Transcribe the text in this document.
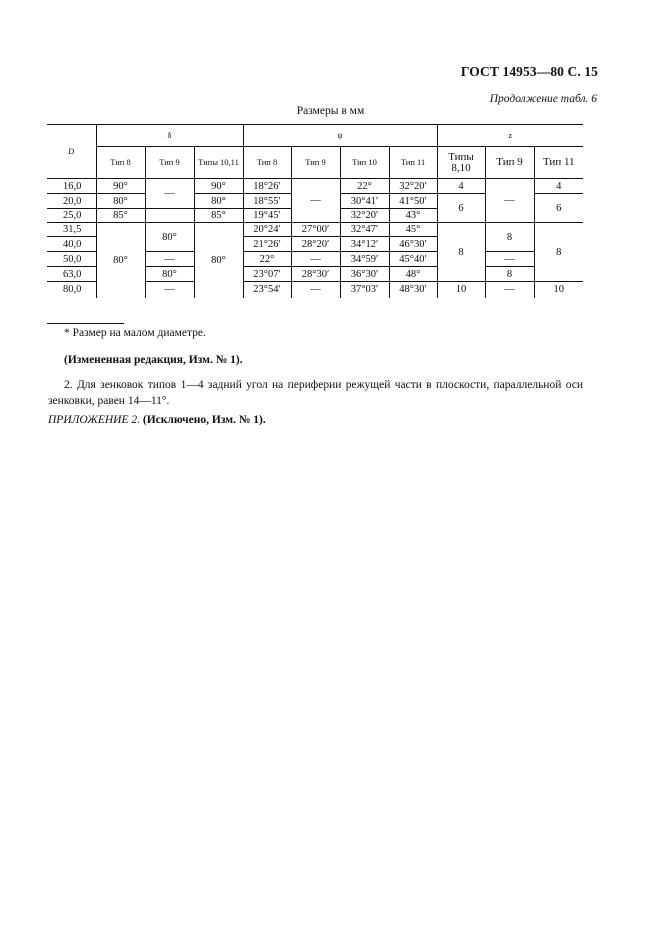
ГОСТ 14953—80 С. 15
Продолжение табл. 6
Размеры в мм
D	δ			ψ				z		
	Тип 8	Тип 9	Типы 10,11	Тип 8	Тип 9	Тип 10	Тип 11	Типы 8,10	Тип 9	Тип 11
16,0	90°	—	90°	18°26′	—	22°	32°20′	4	—	4
20,0	80°		80°	18°55′		30°41′	41°50′	6		6
25,0	85°		85°	19°45′		32°20′	43°			
31,5	80°	80°	80°	20°24′	27°00′	32°47′	45°	8	8	8
40,0				21°26′	28°20′	34°12′	46°30′			
50,0		—		22°	—	34°59′	45°40′		—	
63,0		80°		23°07′	28°30′	36°30′	48°		8	
80,0		—		23°54′	—	37°03′	48°30′	10	—	10
* Размер на малом диаметре.
(Измененная редакция, Изм. № 1).
2. Для зенковок типов 1—4 задний угол на периферии режущей части в плоскости, параллельной оси зенковки, равен 14—11°.
ПРИЛОЖЕНИЕ 2. (Исключено, Изм. № 1).
